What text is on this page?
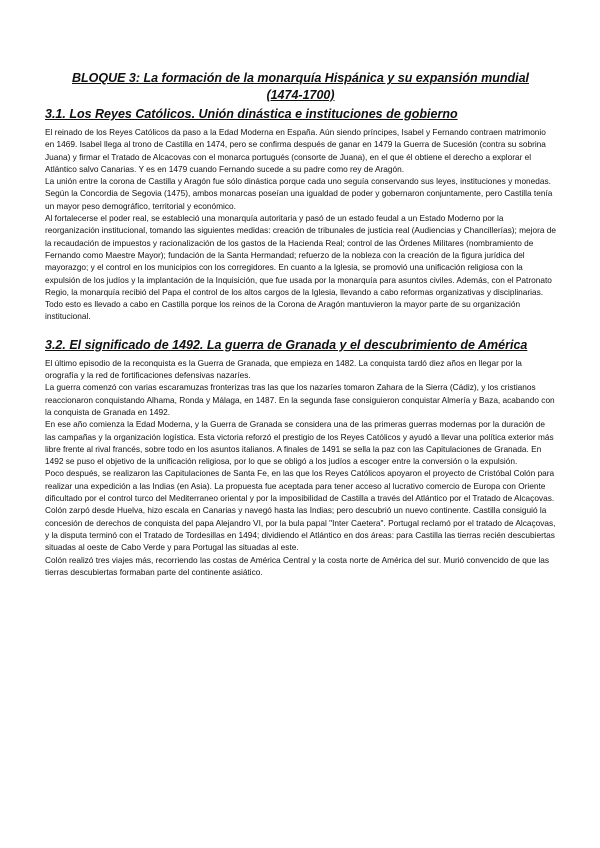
BLOQUE 3: La formación de la monarquía Hispánica y su expansión mundial
(1474-1700)
3.1. Los Reyes Católicos. Unión dinástica e instituciones de gobierno

El reinado de los Reyes Católicos da paso a la Edad Moderna en España. Aún siendo príncipes, Isabel y Fernando contraen matrimonio en 1469. Isabel llega al trono de Castilla en 1474, pero se confirma después de ganar en 1479 la Guerra de Sucesión (contra su sobrina Juana) y firmar el Tratado de Alcacovas con el monarca portugués (consorte de Juana), en el que él obtiene el derecho a explorar el Atlántico salvo Canarias. Y es en 1479 cuando Fernando sucede a su padre como rey de Aragón.

La unión entre la corona de Castilla y Aragón fue sólo dinástica porque cada uno seguía conservando sus leyes, instituciones y monedas. Según la Concordia de Segovia (1475), ambos monarcas poseían una igualdad de poder y gobernaron conjuntamente, pero Castilla tenía un mayor peso demográfico, territorial y económico.

Al fortalecerse el poder real, se estableció una monarquía autoritaria y pasó de un estado feudal a un Estado Moderno por la reorganización institucional, tomando las siguientes medidas: creación de tribunales de justicia real (Audiencias y Chancillerías); mejora de la recaudación de impuestos y racionalización de los gastos de la Hacienda Real; control de las Órdenes Militares (nombramiento de Fernando como Maestre Mayor); fundación de la Santa Hermandad; refuerzo de la nobleza con la creación de la figura jurídica del mayorazgo; y el control en los municipios con los corregidores. En cuanto a la Iglesia, se promovió una unificación religiosa con la expulsión de los judíos y la implantación de la Inquisición, que fue usada por la monarquía para asuntos civiles. Además, con el Patronato Regio, la monarquía recibió del Papa el control de los altos cargos de la Iglesia, llevando a cabo reformas organizativas y disciplinarias. Todo esto es llevado a cabo en Castilla porque los reinos de la Corona de Aragón mantuvieron la mayor parte de su organización institucional.

3.2. El significado de 1492. La guerra de Granada y el descubrimiento de América

El último episodio de la reconquista es la Guerra de Granada, que empieza en 1482. La conquista tardó diez años en llegar por la orografía y la red de fortificaciones defensivas nazaríes.

La guerra comenzó con varias escaramuzas fronterizas tras las que los nazaríes tomaron Zahara de la Sierra (Cádiz), y los cristianos reaccionaron conquistando Alhama, Ronda y Málaga, en 1487. En la segunda fase consiguieron conquistar Almería y Baza, acabando con la conquista de Granada en 1492.

En ese año comienza la Edad Moderna, y la Guerra de Granada se considera una de las primeras guerras modernas por la duración de las campañas y la organización logística. Esta victoria reforzó el prestigio de los Reyes Católicos y ayudó a llevar una política exterior más libre frente al rival francés, sobre todo en los asuntos italianos. A finales de 1491 se sella la paz con las Capitulaciones de Granada. En 1492 se puso el objetivo de la unificación religiosa, por lo que se obligó a los judíos a escoger entre la conversión o la expulsión.

Poco después, se realizaron las Capitulaciones de Santa Fe, en las que los Reyes Católicos apoyaron el proyecto de Cristóbal Colón para realizar una expedición a las Indias (en Asia). La propuesta fue aceptada para tener acceso al lucrativo comercio de Europa con Oriente dificultado por el control turco del Mediterraneo oriental y por la imposibilidad de Castilla a través del Atlántico por el Tratado de Alcaçovas. Colón zarpó desde Huelva, hizo escala en Canarias y navegó hasta las Indias; pero descubrió un nuevo continente. Castilla consiguió la concesión de derechos de conquista del papa Alejandro VI, por la bula papal "Inter Caetera". Portugal reclamó por el tratado de Alcaçovas, y la disputa terminó con el Tratado de Tordesillas en 1494; dividiendo el Atlántico en dos áreas: para Castilla las tierras recién descubiertas situadas al oeste de Cabo Verde y para Portugal las situadas al este.

Colón realizó tres viajes más, recorriendo las costas de América Central y la costa norte de América del sur. Murió convencido de que las tierras descubiertas formaban parte del continente asiático.
